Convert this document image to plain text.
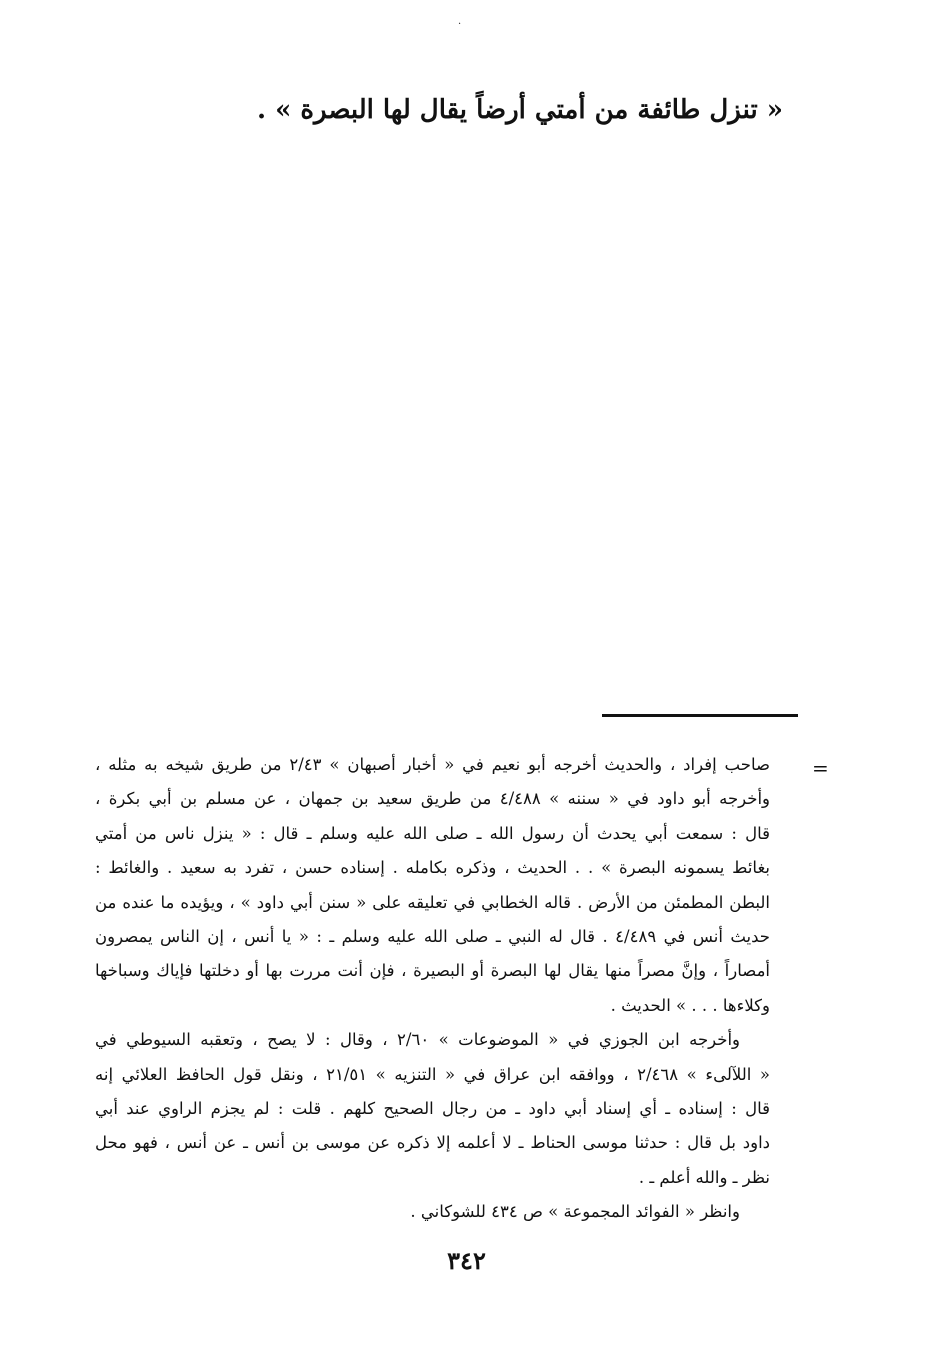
·
« تنزل طائفة من أمتي أرضاً يقال لها البصرة » .
=
صاحب إفراد ، والحديث أخرجه أبو نعيم في « أخبار أصبهان » ٢/٤٣ من طريق شيخه به مثله ،
وأخرجه أبو داود في « سننه » ٤/٤٨٨ من طريق سعيد بن جمهان ، عن مسلم بن أبي بكرة ،
قال : سمعت أبي يحدث أن رسول الله ـ صلى الله عليه وسلم ـ قال : « ينزل ناس من أمتي
بغائط يسمونه البصرة » . . الحديث ، وذكره بكامله . إسناده حسن ، تفرد به سعيد . والغائط :
البطن المطمئن من الأرض . قاله الخطابي في تعليقه على « سنن أبي داود » ، ويؤيده ما عنده من
حديث أنس في ٤/٤٨٩ . قال له النبي ـ صلى الله عليه وسلم ـ : « يا أنس ، إن الناس يمصرون
أمصاراً ، وإنَّ مصراً منها يقال لها البصرة أو البصيرة ، فإن أنت مررت بها أو دخلتها فإياك وسباخها
وكلاءها . . . » الحديث .
وأخرجه ابن الجوزي في « الموضوعات » ٢/٦٠ ، وقال : لا يصح ، وتعقبه السيوطي في
« اللآلىء » ٢/٤٦٨ ، ووافقه ابن عراق في « التنزيه » ٢١/٥١ ، ونقل قول الحافظ العلائي إنه
قال : إسناده ـ أي إسناد أبي داود ـ من رجال الصحيح كلهم . قلت : لم يجزم الراوي عند أبي
داود بل قال : حدثنا موسى الحناط ـ لا أعلمه إلا ذكره عن موسى بن أنس ـ عن أنس ، فهو محل
نظر ـ والله أعلم ـ .
وانظر « الفوائد المجموعة » ص ٤٣٤ للشوكاني .
٣٤٢
